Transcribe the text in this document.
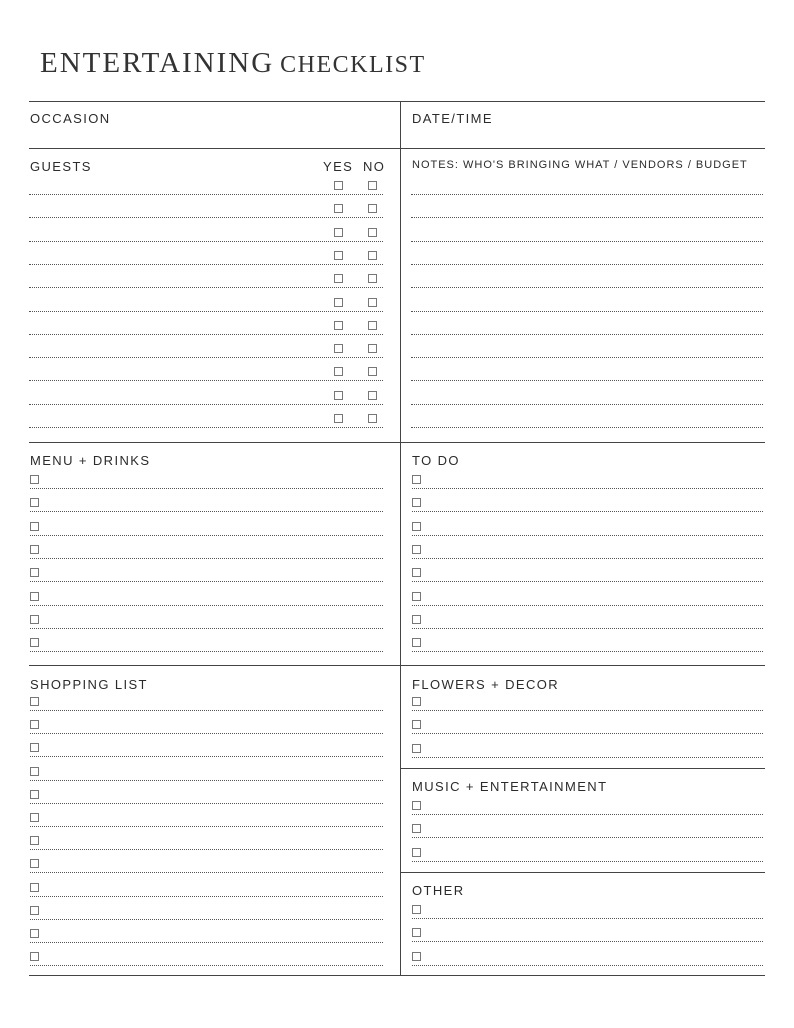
ENTERTAINING CHECKLIST
OCCASION	DATE/TIME
GUESTS	YES NO NOTES: WHO'S BRINGING WHAT / VENDORS / BUDGET
MENU + DRINKS	TO DO
SHOPPING LIST	FLOWERS + DECOR
MUSIC + ENTERTAINMENT
OTHER
